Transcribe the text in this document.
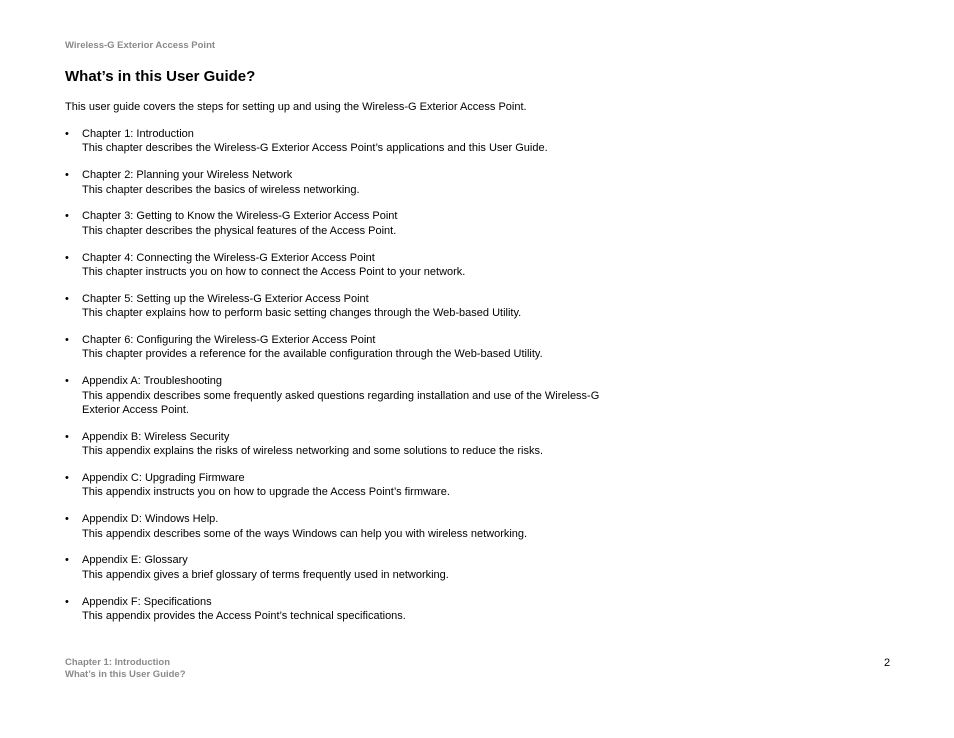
Wireless-G Exterior Access Point
What’s in this User Guide?

This user guide covers the steps for setting up and using the Wireless-G Exterior Access Point.

• Chapter 1: Introduction
This chapter describes the Wireless-G Exterior Access Point’s applications and this User Guide.
• Chapter 2: Planning your Wireless Network
This chapter describes the basics of wireless networking.
• Chapter 3: Getting to Know the Wireless-G Exterior Access Point
This chapter describes the physical features of the Access Point.
• Chapter 4: Connecting the Wireless-G Exterior Access Point
This chapter instructs you on how to connect the Access Point to your network.
• Chapter 5: Setting up the Wireless-G Exterior Access Point
This chapter explains how to perform basic setting changes through the Web-based Utility.
• Chapter 6: Configuring the Wireless-G Exterior Access Point
This chapter provides a reference for the available configuration through the Web-based Utility.
• Appendix A: Troubleshooting
This appendix describes some frequently asked questions regarding installation and use of the Wireless-G Exterior Access Point.
• Appendix B: Wireless Security
This appendix explains the risks of wireless networking and some solutions to reduce the risks.
• Appendix C: Upgrading Firmware
This appendix instructs you on how to upgrade the Access Point’s firmware.
• Appendix D: Windows Help.
This appendix describes some of the ways Windows can help you with wireless networking.
• Appendix E: Glossary
This appendix gives a brief glossary of terms frequently used in networking.
• Appendix F: Specifications
This appendix provides the Access Point’s technical specifications.
Chapter 1: Introduction
What’s in this User Guide?
2
